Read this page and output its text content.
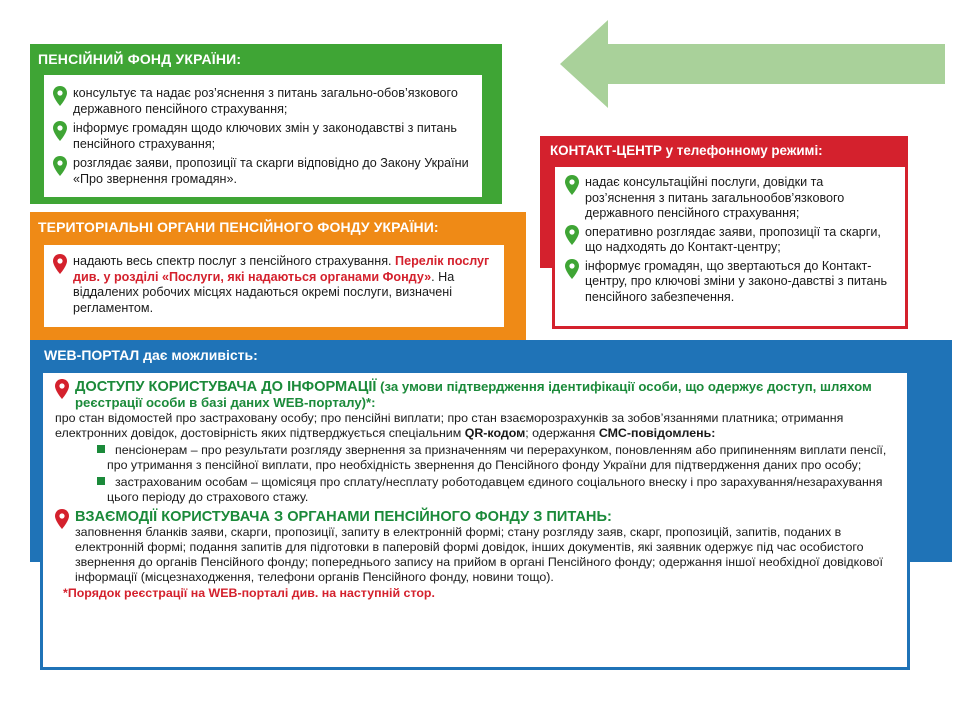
ПЕНСІЙНИЙ ФОНД УКРАЇНИ:
консультує та надає роз’яснення з питань загально-обов’язкового державного пенсійного страхування;
інформує громадян щодо ключових змін у законодавстві з питань пенсійного страхування;
розглядає заяви, пропозиції та скарги відповідно до Закону України «Про звернення громадян».
ТЕРИТОРІАЛЬНІ ОРГАНИ ПЕНСІЙНОГО ФОНДУ УКРАЇНИ:
надають весь спектр послуг з пенсійного страхування. Перелік послуг див. у розділі «Послуги, які надаються органами Фонду». На віддалених робочих місцях надаються окремі послуги, визначені регламентом.
КОНТАКТ-ЦЕНТР у телефонному режимі:
надає консультаційні послуги, довідки та роз’яснення з питань загальнообов’язкового державного пенсійного страхування;
оперативно розглядає заяви, пропозиції та скарги, що надходять до Контакт-центру;
інформує громадян, що звертаються до Контакт-центру, про ключові зміни у законо-давстві з питань пенсійного забезпечення.
WEB-ПОРТАЛ дає можливість:
ДОСТУПУ КОРИСТУВАЧА ДО ІНФОРМАЦІЇ (за умови підтвердження ідентифікації особи, що одержує доступ, шляхом реєстрації особи в базі даних WEB-порталу)*:

про стан відомостей про застраховану особу; про пенсійні виплати; про стан взаєморозрахунків за зобов’язаннями платника; отримання електронних довідок, достовірність яких підтверджується спеціальним QR-кодом; одержання СМС-повідомлень:

пенсіонерам – про результати розгляду звернення за призначенням чи перерахунком, поновленням або припиненням виплати пенсії, про утримання з пенсійної виплати, про необхідність звернення до Пенсійного фонду України для підтвердження даних про особу;

застрахованим особам – щомісяця про сплату/несплату роботодавцем єдиного соціального внеску і про зарахування/незарахування цього періоду до страхового стажу.

ВЗАЄМОДІЇ КОРИСТУВАЧА З ОРГАНАМИ ПЕНСІЙНОГО ФОНДУ З ПИТАНЬ:

заповнення бланків заяви, скарги, пропозиції, запиту в електронній формі; стану розгляду заяв, скарг, пропозицій, запитів, поданих в електронній формі; подання запитів для підготовки в паперовій формі довідок, інших документів, які заявник одержує під час особистого звернення до органів Пенсійного фонду; попереднього запису на прийом в органі Пенсійного фонду; одержання іншої необхідної довідкової інформації (місцезнаходження, телефони органів Пенсійного фонду, новини тощо).

*Порядок реєстрації на WEB-порталі див. на наступній стор.
